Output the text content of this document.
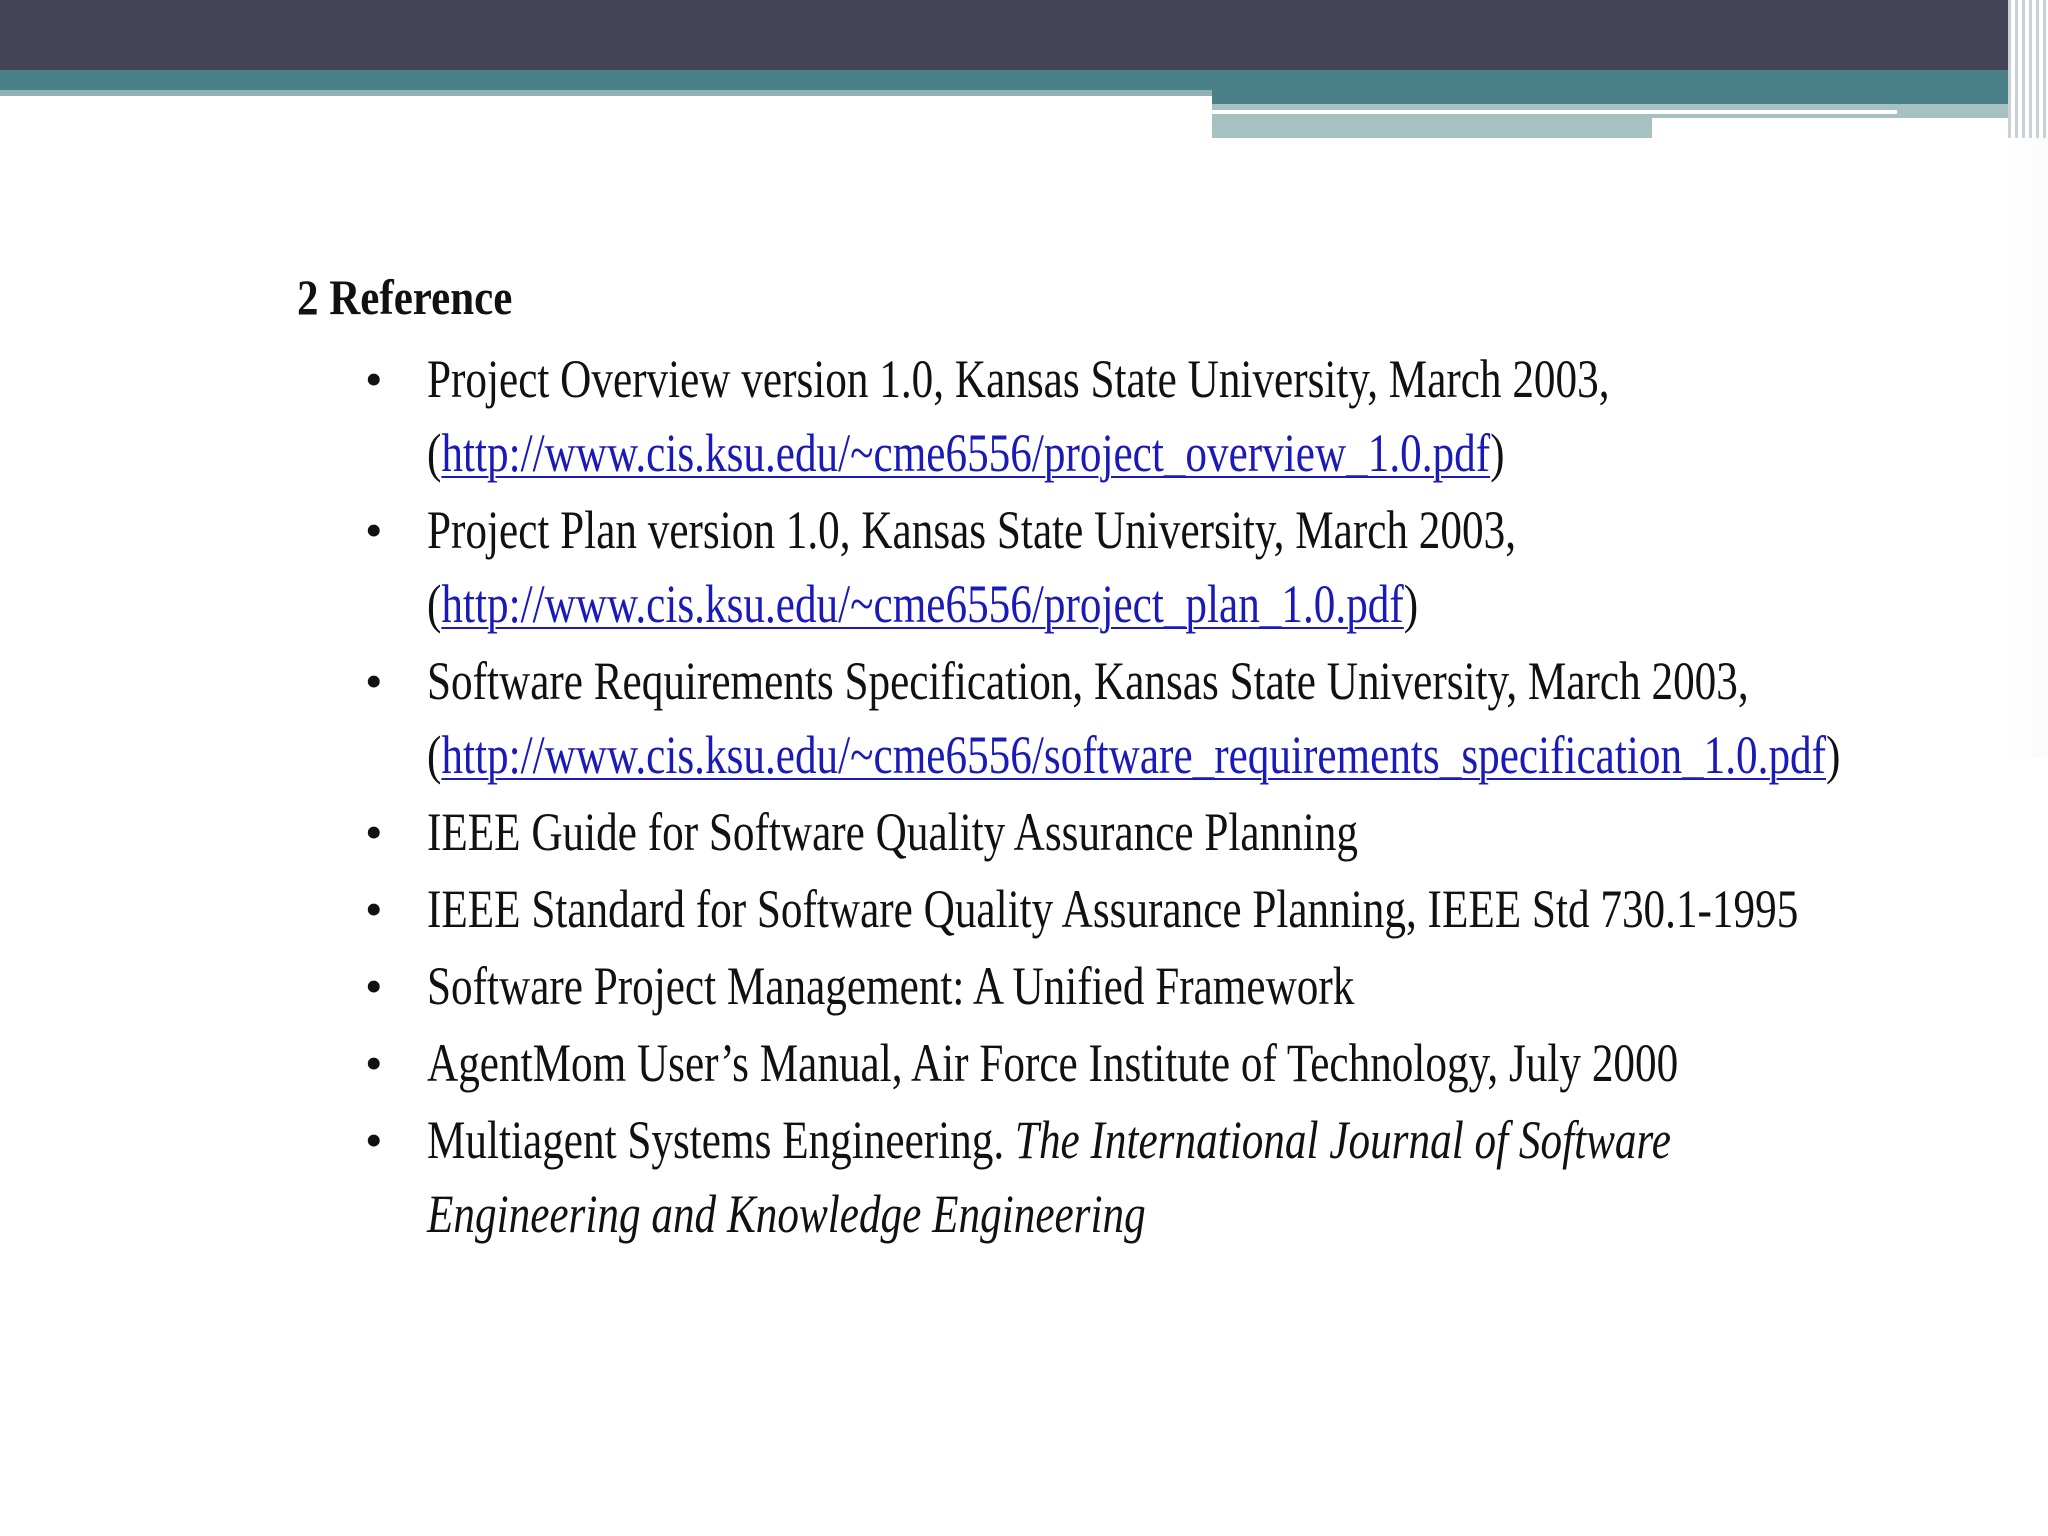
2 Reference
• Project Overview version 1.0, Kansas State University, March 2003,
(http://www.cis.ksu.edu/~cme6556/project_overview_1.0.pdf)
• Project Plan version 1.0, Kansas State University, March 2003,
(http://www.cis.ksu.edu/~cme6556/project_plan_1.0.pdf)
• Software Requirements Specification, Kansas State University, March 2003,
(http://www.cis.ksu.edu/~cme6556/software_requirements_specification_1.0.pdf)
• IEEE Guide for Software Quality Assurance Planning
• IEEE Standard for Software Quality Assurance Planning, IEEE Std 730.1-1995
• Software Project Management: A Unified Framework
• AgentMom User’s Manual, Air Force Institute of Technology, July 2000
• Multiagent Systems Engineering. The International Journal of Software
Engineering and Knowledge Engineering
